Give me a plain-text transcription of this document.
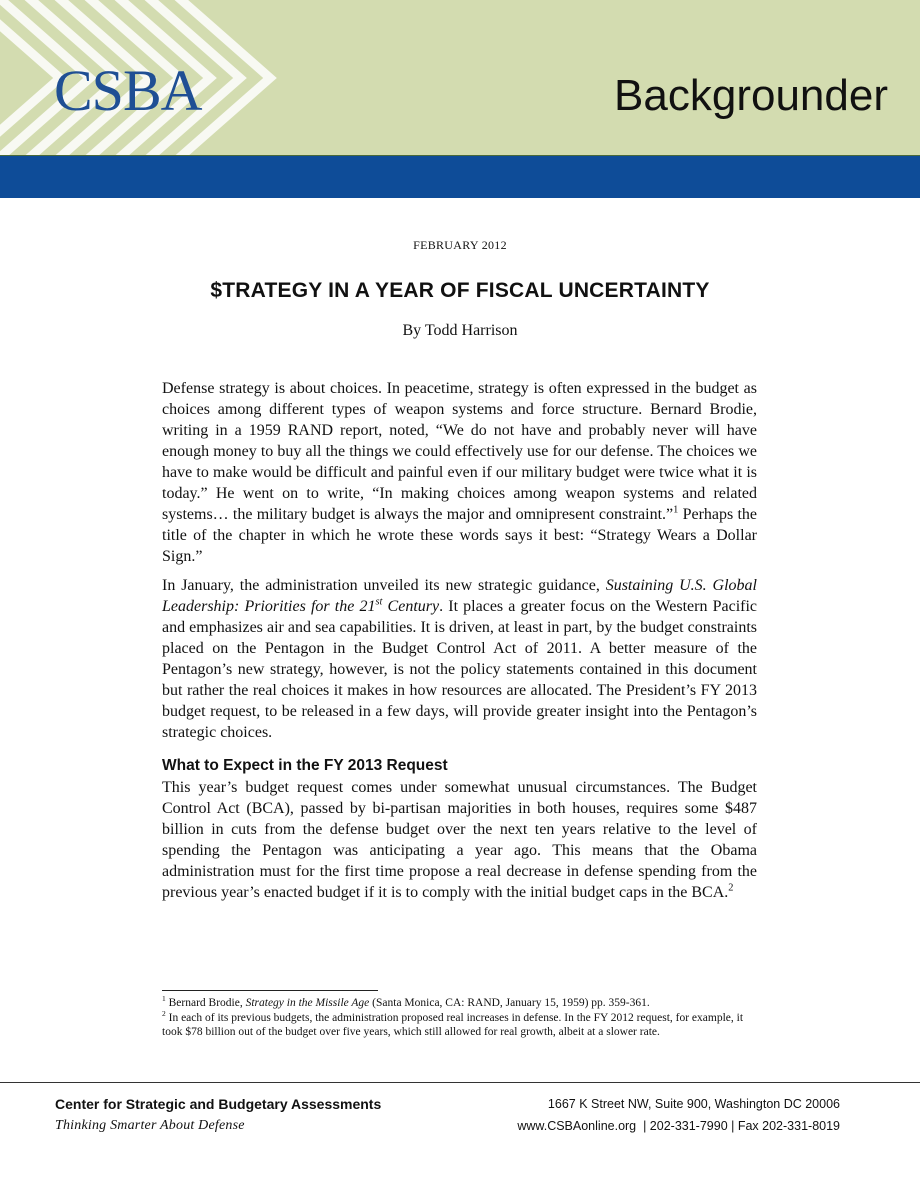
CSBA	Backgrounder
FEBRUARY 2012
$TRATEGY IN A YEAR OF FISCAL UNCERTAINTY
By Todd Harrison

Defense strategy is about choices. In peacetime, strategy is often expressed in the budget as choices among different types of weapon systems and force structure. Bernard Brodie, writing in a 1959 RAND report, noted, “We do not have and probably never will have enough money to buy all the things we could effectively use for our defense. The choices we have to make would be difficult and painful even if our military budget were twice what it is today.” He went on to write, “In making choices among weapon systems and related systems… the military budget is always the major and omnipresent constraint.”$^1$ Perhaps the title of the chapter in which he wrote these words says it best: “Strategy Wears a Dollar Sign.”

In January, the administration unveiled its new strategic guidance, Sustaining U.S. Global Leadership: Priorities for the 21st Century. It places a greater focus on the Western Pacific and emphasizes air and sea capabilities. It is driven, at least in part, by the budget constraints placed on the Pentagon in the Budget Control Act of 2011. A better measure of the Pentagon’s new strategy, however, is not the policy statements contained in this document but rather the real choices it makes in how resources are allocated. The President’s FY 2013 budget request, to be released in a few days, will provide greater insight into the Pentagon’s strategic choices.

What to Expect in the FY 2013 Request

This year’s budget request comes under somewhat unusual circumstances. The Budget Control Act (BCA), passed by bi-partisan majorities in both houses, requires some $487 billion in cuts from the defense budget over the next ten years relative to the level of spending the Pentagon was anticipating a year ago. This means that the Obama administration must for the first time propose a real decrease in defense spending from the previous year’s enacted budget if it is to comply with the initial budget caps in the BCA.$^2$

$^1$ Bernard Brodie, Strategy in the Missile Age (Santa Monica, CA: RAND, January 15, 1959) pp. 359-361.

$^2$ In each of its previous budgets, the administration proposed real increases in defense. In the FY 2012 request, for example, it took $78 billion out of the budget over five years, which still allowed for real growth, albeit at a slower rate.

Center for Strategic and Budgetary Assessments
Thinking Smarter About Defense
1667 K Street NW, Suite 900, Washington DC 20006
www.CSBAonline.org  | 202-331-7990 | Fax 202-331-8019
